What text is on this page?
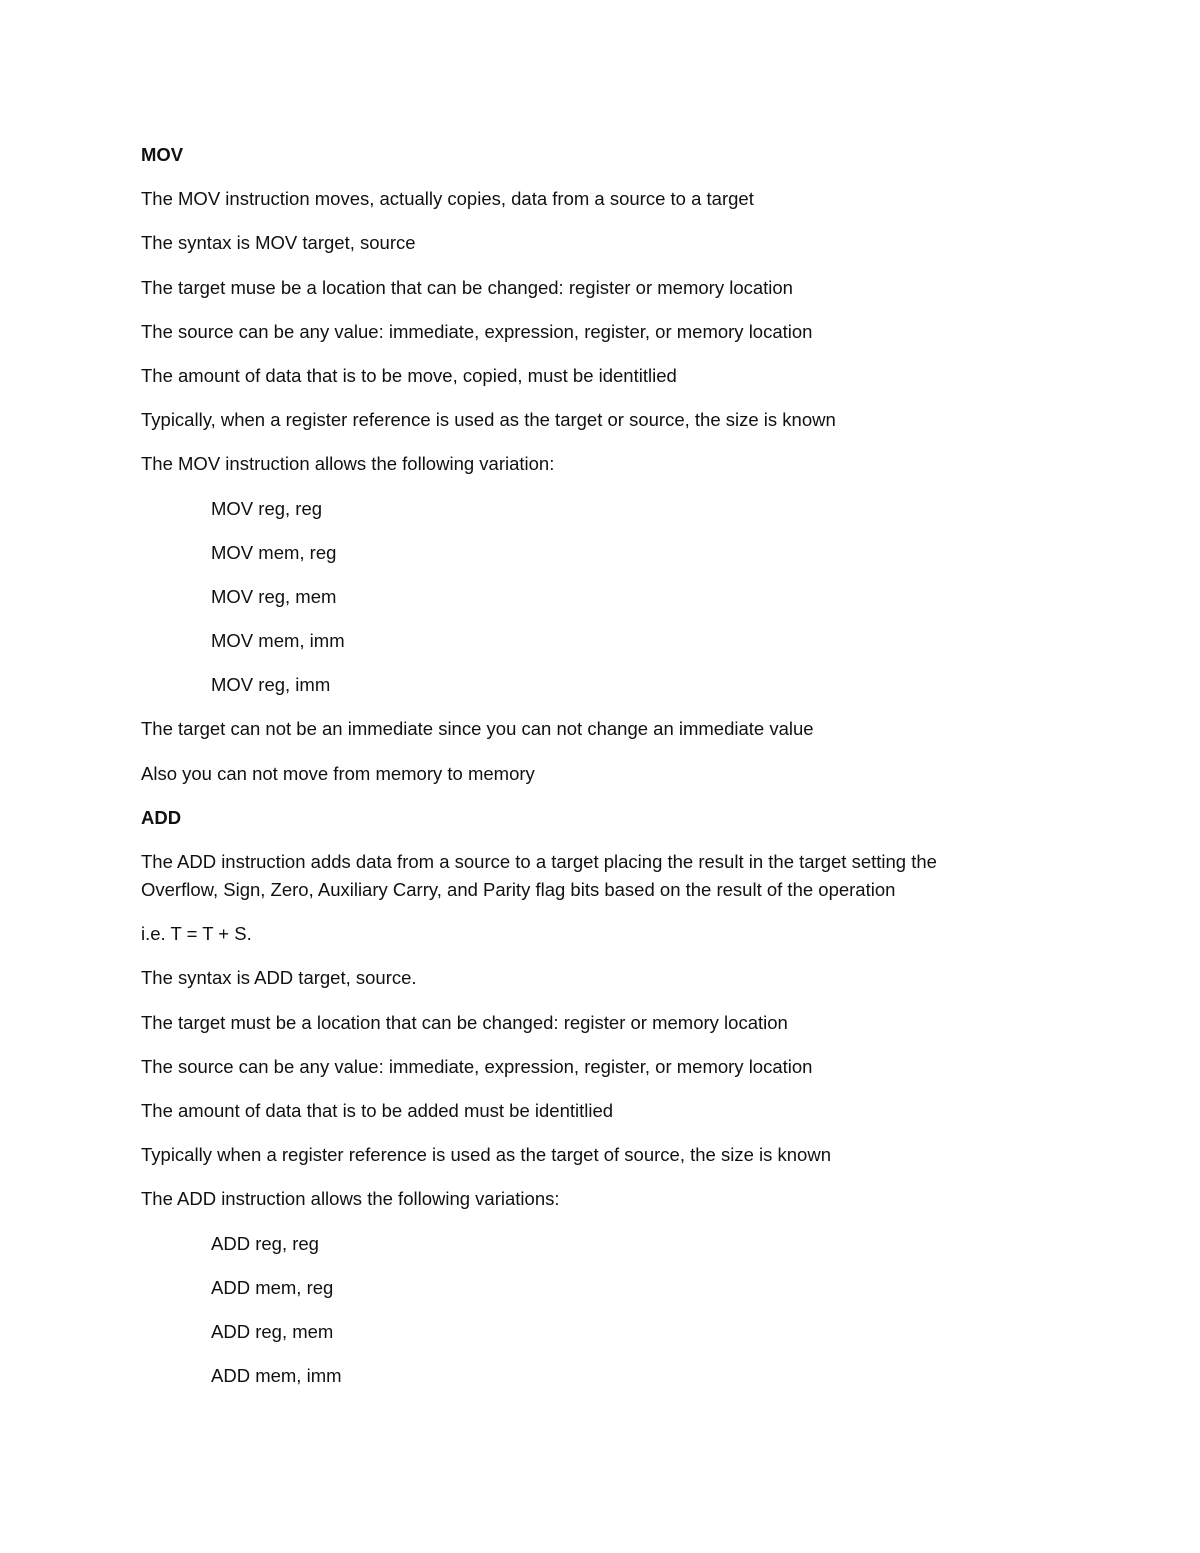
MOV
The MOV instruction moves, actually copies, data from a source to a target
The syntax is MOV target, source
The target muse be a location that can be changed: register or memory location
The source can be any value: immediate, expression, register, or memory location
The amount of data that is to be move, copied, must be identitlied
Typically, when a register reference is used as the target or source, the size is known
The MOV instruction allows the following variation:
MOV reg, reg
MOV mem, reg
MOV reg, mem
MOV mem, imm
MOV reg, imm
The target can not be an immediate since you can not change an immediate value
Also you can not move from memory to memory
ADD
The ADD instruction adds data from a source to a target placing the result in the target setting the Overflow, Sign, Zero, Auxiliary Carry, and Parity flag bits based on the result of the operation
i.e. T = T + S.
The syntax is ADD target, source.
The target must be a location that can be changed: register or memory location
The source can be any value: immediate, expression, register, or memory location
The amount of data that is to be added must be identitlied
Typically when a register reference is used as the target of source, the size is known
The ADD instruction allows the following variations:
ADD reg, reg
ADD mem, reg
ADD reg, mem
ADD mem, imm
